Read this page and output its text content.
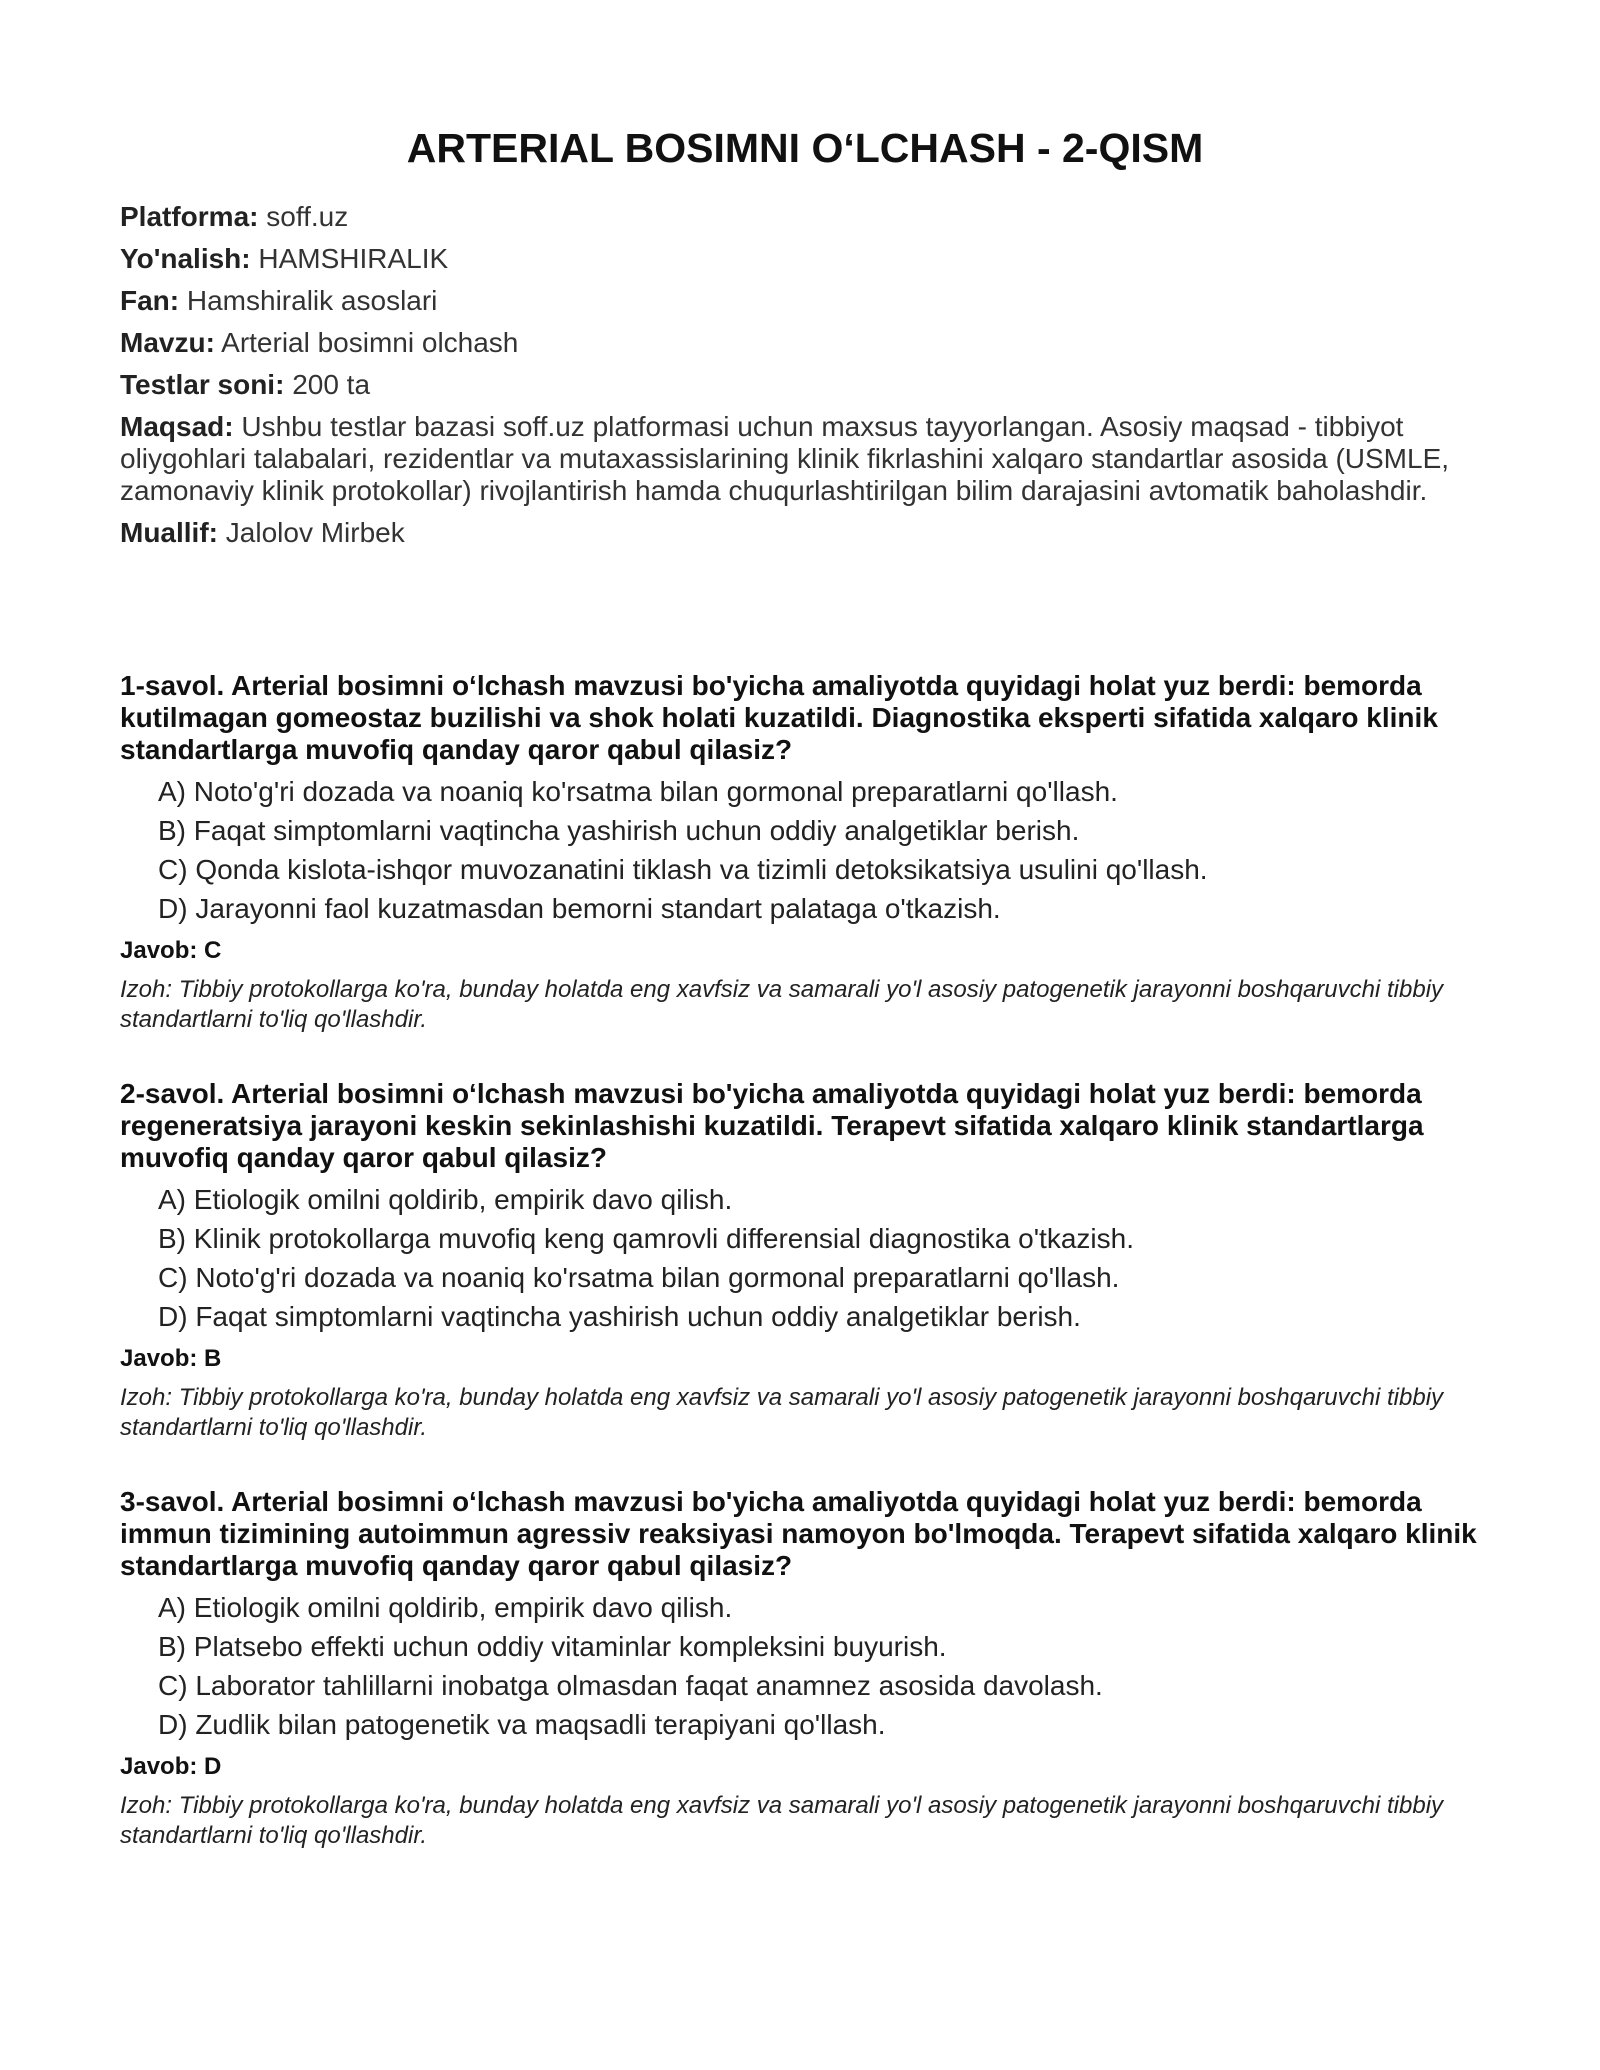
ARTERIAL BOSIMNI O‘LCHASH - 2-QISM

Platforma: soff.uz

Yo'nalish: HAMSHIRALIK

Fan: Hamshiralik asoslari

Mavzu: Arterial bosimni olchash

Testlar soni: 200 ta

Maqsad: Ushbu testlar bazasi soff.uz platformasi uchun maxsus tayyorlangan. Asosiy maqsad - tibbiyot oliygohlari talabalari, rezidentlar va mutaxassislarining klinik fikrlashini xalqaro standartlar asosida (USMLE, zamonaviy klinik protokollar) rivojlantirish hamda chuqurlashtirilgan bilim darajasini avtomatik baholashdir.

Muallif: Jalolov Mirbek

1-savol. Arterial bosimni o‘lchash mavzusi bo'yicha amaliyotda quyidagi holat yuz berdi: bemorda kutilmagan gomeostaz buzilishi va shok holati kuzatildi. Diagnostika eksperti sifatida xalqaro klinik standartlarga muvofiq qanday qaror qabul qilasiz?

A) Noto'g'ri dozada va noaniq ko'rsatma bilan gormonal preparatlarni qo'llash.
B) Faqat simptomlarni vaqtincha yashirish uchun oddiy analgetiklar berish.
C) Qonda kislota-ishqor muvozanatini tiklash va tizimli detoksikatsiya usulini qo'llash.
D) Jarayonni faol kuzatmasdan bemorni standart palataga o'tkazish.

Javob: C

Izoh: Tibbiy protokollarga ko'ra, bunday holatda eng xavfsiz va samarali yo'l asosiy patogenetik jarayonni boshqaruvchi tibbiy standartlarni to'liq qo'llashdir.

2-savol. Arterial bosimni o‘lchash mavzusi bo'yicha amaliyotda quyidagi holat yuz berdi: bemorda regeneratsiya jarayoni keskin sekinlashishi kuzatildi. Terapevt sifatida xalqaro klinik standartlarga muvofiq qanday qaror qabul qilasiz?

A) Etiologik omilni qoldirib, empirik davo qilish.
B) Klinik protokollarga muvofiq keng qamrovli differensial diagnostika o'tkazish.
C) Noto'g'ri dozada va noaniq ko'rsatma bilan gormonal preparatlarni qo'llash.
D) Faqat simptomlarni vaqtincha yashirish uchun oddiy analgetiklar berish.

Javob: B

Izoh: Tibbiy protokollarga ko'ra, bunday holatda eng xavfsiz va samarali yo'l asosiy patogenetik jarayonni boshqaruvchi tibbiy standartlarni to'liq qo'llashdir.

3-savol. Arterial bosimni o‘lchash mavzusi bo'yicha amaliyotda quyidagi holat yuz berdi: bemorda immun tizimining autoimmun agressiv reaksiyasi namoyon bo'lmoqda. Terapevt sifatida xalqaro klinik standartlarga muvofiq qanday qaror qabul qilasiz?

A) Etiologik omilni qoldirib, empirik davo qilish.
B) Platsebo effekti uchun oddiy vitaminlar kompleksini buyurish.
C) Laborator tahlillarni inobatga olmasdan faqat anamnez asosida davolash.
D) Zudlik bilan patogenetik va maqsadli terapiyani qo'llash.

Javob: D

Izoh: Tibbiy protokollarga ko'ra, bunday holatda eng xavfsiz va samarali yo'l asosiy patogenetik jarayonni boshqaruvchi tibbiy standartlarni to'liq qo'llashdir.
